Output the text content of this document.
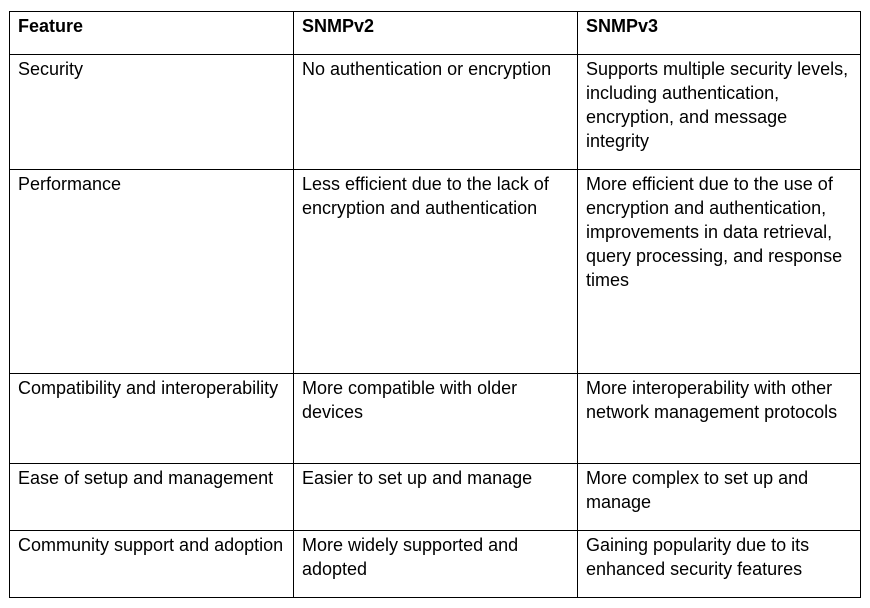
Feature	SNMPv2	SNMPv3
Security	No authentication or encryption	Supports multiple security levels, including authentication, encryption, and message integrity
Performance	Less efficient due to the lack of encryption and authentication	More efficient due to the use of encryption and authentication, improvements in data retrieval, query processing, and response times
Compatibility and interoperability	More compatible with older devices	More interoperability with other network management protocols
Ease of setup and management	Easier to set up and manage	More complex to set up and manage
Community support and adoption	More widely supported and adopted	Gaining popularity due to its enhanced security features
